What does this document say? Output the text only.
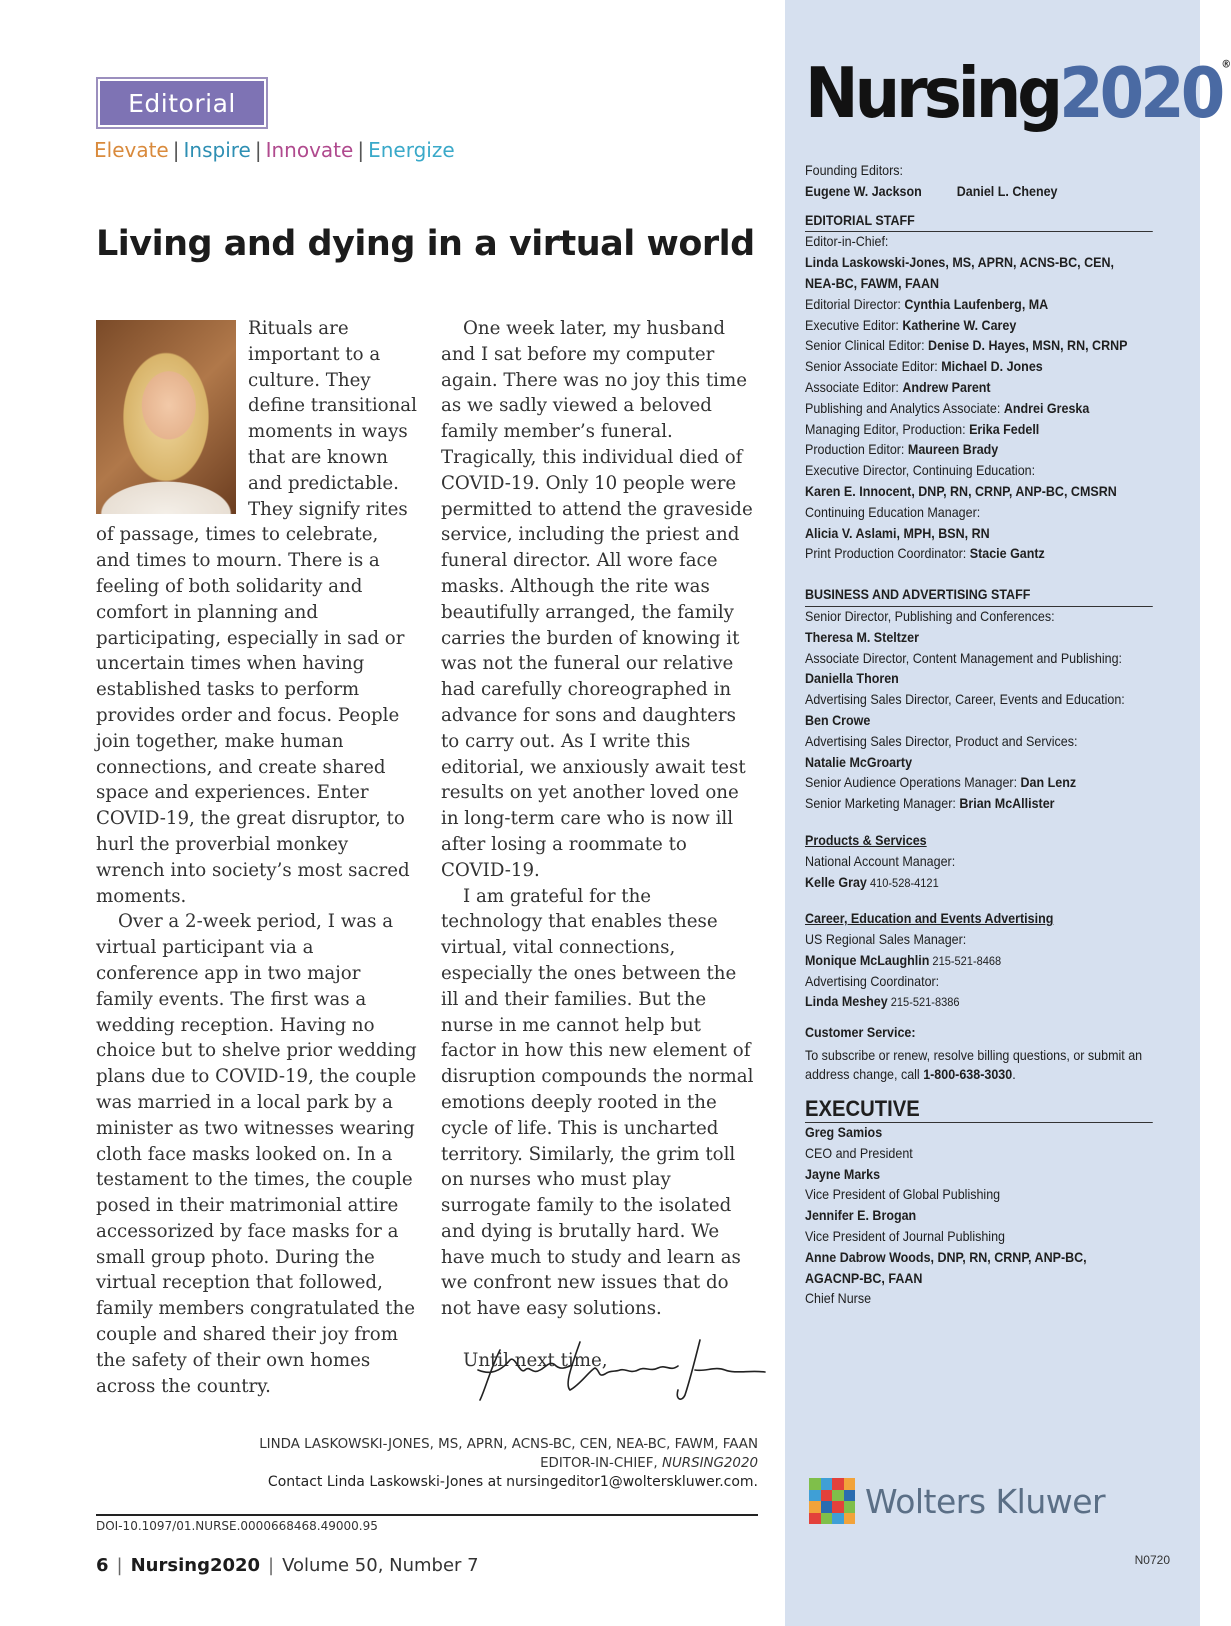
Editorial
Elevate | Inspire | Innovate | Energize
Living and dying in a virtual world

Rituals are important to a culture. They define transitional moments in ways that are known and predictable. They signify rites of passage, times to celebrate, and times to mourn. There is a feeling of both solidarity and comfort in planning and participating, especially in sad or uncertain times when having established tasks to perform provides order and focus. People join together, make human connections, and create shared space and experiences. Enter COVID-19, the great disruptor, to hurl the proverbial monkey wrench into society’s most sacred moments.

Over a 2-week period, I was a virtual participant via a conference app in two major family events. The first was a wedding reception. Having no choice but to shelve prior wedding plans due to COVID-19, the couple was married in a local park by a minister as two witnesses wearing cloth face masks looked on. In a testament to the times, the couple posed in their matrimonial attire accessorized by face masks for a small group photo. During the virtual reception that followed, family members congratulated the couple and shared their joy from the safety of their own homes across the country.

One week later, my husband and I sat before my computer again. There was no joy this time as we sadly viewed a beloved family member’s funeral. Tragically, this individual died of COVID-19. Only 10 people were permitted to attend the graveside service, including the priest and funeral director. All wore face masks. Although the rite was beautifully arranged, the family carries the burden of knowing it was not the funeral our relative had carefully choreographed in advance for sons and daughters to carry out. As I write this editorial, we anxiously await test results on yet another loved one in long-term care who is now ill after losing a roommate to COVID-19.

I am grateful for the technology that enables these virtual, vital connections, especially the ones between the ill and their families. But the nurse in me cannot help but factor in how this new element of disruption compounds the normal emotions deeply rooted in the cycle of life. This is uncharted territory. Similarly, the grim toll on nurses who must play surrogate family to the isolated and dying is brutally hard. We have much to study and learn as we confront new issues that do not have easy solutions.

Until next time,

LINDA LASKOWSKI-JONES, MS, APRN, ACNS-BC, CEN, NEA-BC, FAWM, FAAN
EDITOR-IN-CHIEF, NURSING2020
Contact Linda Laskowski-Jones at nursingeditor1@wolterskluwer.com.
DOI-10.1097/01.NURSE.0000668468.49000.95
6 | Nursing2020 | Volume 50, Number 7
Nursing2020®
Founding Editors:
Eugene W. Jackson	Daniel L. Cheney
EDITORIAL STAFF
Editor-in-Chief:
Linda Laskowski-Jones, MS, APRN, ACNS-BC, CEN,
NEA-BC, FAWM, FAAN
Editorial Director: Cynthia Laufenberg, MA
Executive Editor: Katherine W. Carey
Senior Clinical Editor: Denise D. Hayes, MSN, RN, CRNP
Senior Associate Editor: Michael D. Jones
Associate Editor: Andrew Parent
Publishing and Analytics Associate: Andrei Greska
Managing Editor, Production: Erika Fedell
Production Editor: Maureen Brady
Executive Director, Continuing Education:
Karen E. Innocent, DNP, RN, CRNP, ANP-BC, CMSRN
Continuing Education Manager:
Alicia V. Aslami, MPH, BSN, RN
Print Production Coordinator: Stacie Gantz
BUSINESS AND ADVERTISING STAFF
Senior Director, Publishing and Conferences:
Theresa M. Steltzer
Associate Director, Content Management and Publishing:
Daniella Thoren
Advertising Sales Director, Career, Events and Education:
Ben Crowe
Advertising Sales Director, Product and Services:
Natalie McGroarty
Senior Audience Operations Manager: Dan Lenz
Senior Marketing Manager: Brian McAllister
Products & Services
National Account Manager:
Kelle Gray 410-528-4121
Career, Education and Events Advertising
US Regional Sales Manager:
Monique McLaughlin 215-521-8468
Advertising Coordinator:
Linda Meshey 215-521-8386
Customer Service:
To subscribe or renew, resolve billing questions, or submit an
address change, call 1-800-638-3030.
EXECUTIVE
Greg Samios
CEO and President
Jayne Marks
Vice President of Global Publishing
Jennifer E. Brogan
Vice President of Journal Publishing
Anne Dabrow Woods, DNP, RN, CRNP, ANP-BC,
AGACNP-BC, FAAN
Chief Nurse
Wolters Kluwer
N0720
